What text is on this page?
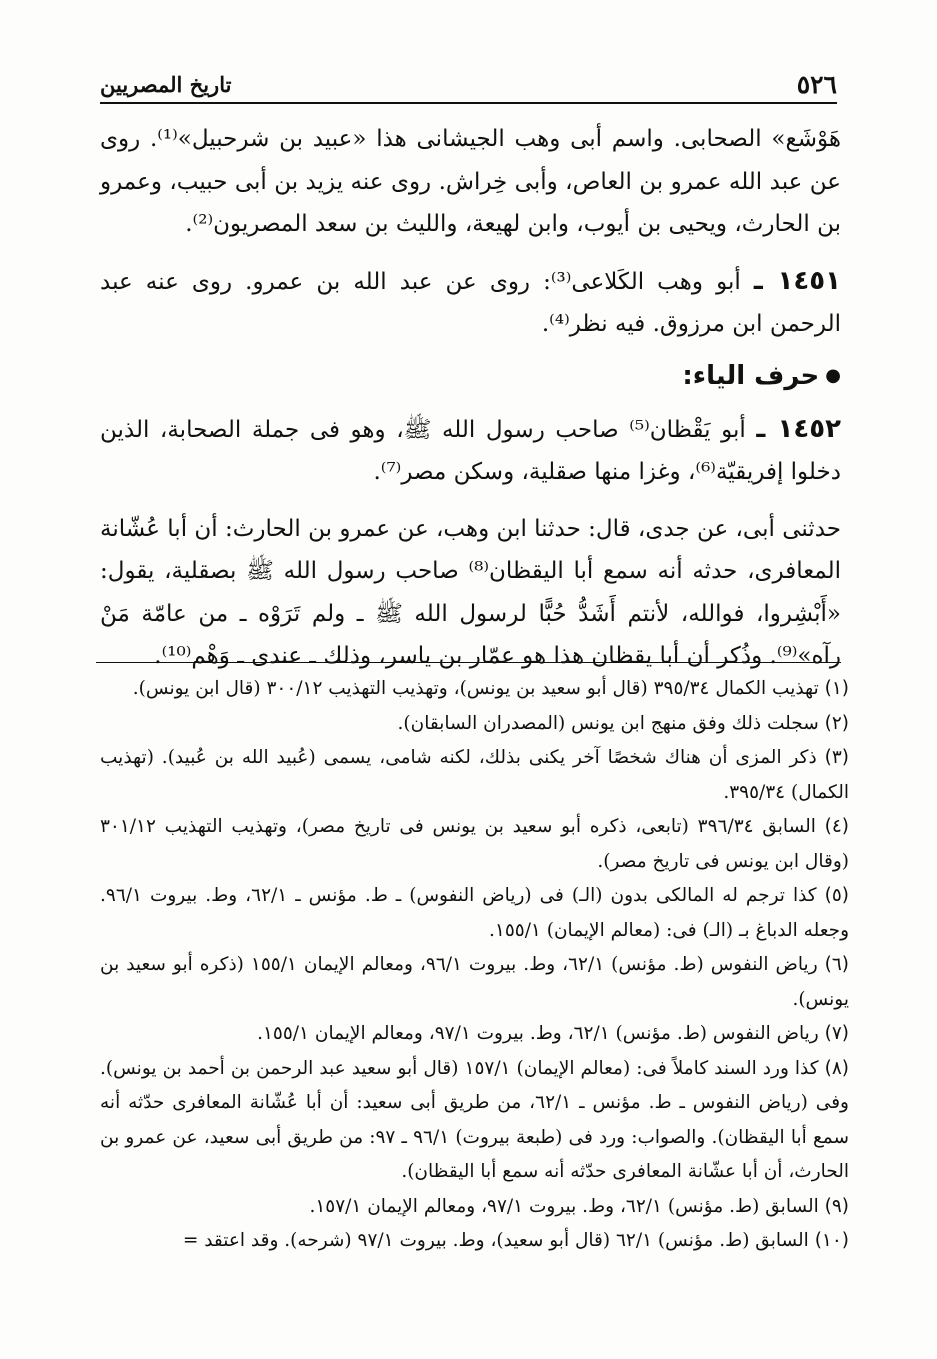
٥٢٦
تاريخ المصريين

هَوْشَع» الصحابى. واسم أبى وهب الجيشانى هذا «عبيد بن شرحبيل»⁽¹⁾. روى عن عبد الله عمرو بن العاص، وأبى خِراش. روى عنه يزيد بن أبى حبيب، وعمرو بن الحارث، ويحيى بن أيوب، وابن لهيعة، والليث بن سعد المصريون⁽²⁾.

١٤٥١ ـ أبو وهب الكَلاعى⁽³⁾: روى عن عبد الله بن عمرو. روى عنه عبد الرحمن ابن مرزوق. فيه نظر⁽⁴⁾.

●
حرف الياء:

١٤٥٢ ـ أبو يَقْظان⁽⁵⁾ صاحب رسول الله ﷺ، وهو فى جملة الصحابة، الذين دخلوا إفريقيّة⁽⁶⁾، وغزا منها صقلية، وسكن مصر⁽⁷⁾.

حدثنى أبى، عن جدى، قال: حدثنا ابن وهب، عن عمرو بن الحارث: أن أبا عُشّانة المعافرى، حدثه أنه سمع أبا اليقظان⁽⁸⁾ صاحب رسول الله ﷺ بصقلية، يقول: «أَبْشِروا، فوالله، لأنتم أَشَدُّ حُبًّا لرسول الله ﷺ ـ ولم تَرَوْه ـ من عامّة مَنْ رآه»⁽⁹⁾. وذُكر أن أبا يقظان هذا هو عمّار بن ياسر، وذلك ـ عندى ـ وَهْم⁽¹⁰⁾.

(١) تهذيب الكمال ٣٩٥/٣٤ (قال أبو سعيد بن يونس)، وتهذيب التهذيب ٣٠٠/١٢ (قال ابن يونس).

(٢) سجلت ذلك وفق منهج ابن يونس (المصدران السابقان).

(٣) ذكر المزى أن هناك شخصًا آخر يكنى بذلك، لكنه شامى، يسمى (عُبيد الله بن عُبيد). (تهذيب الكمال) ٣٩٥/٣٤.

(٤) السابق ٣٩٦/٣٤ (تابعى، ذكره أبو سعيد بن يونس فى تاريخ مصر)، وتهذيب التهذيب ٣٠١/١٢ (وقال ابن يونس فى تاريخ مصر).

(٥) كذا ترجم له المالكى بدون (الـ) فى (رياض النفوس) ـ ط. مؤنس ـ ٦٢/١، وط. بيروت ٩٦/١. وجعله الدباغ بـ (الـ) فى: (معالم الإيمان) ١٥٥/١.

(٦) رياض النفوس (ط. مؤنس) ٦٢/١، وط. بيروت ٩٦/١، ومعالم الإيمان ١٥٥/١ (ذكره أبو سعيد بن يونس).

(٧) رياض النفوس (ط. مؤنس) ٦٢/١، وط. بيروت ٩٧/١، ومعالم الإيمان ١٥٥/١.

(٨) كذا ورد السند كاملاً فى: (معالم الإيمان) ١٥٧/١ (قال أبو سعيد عبد الرحمن بن أحمد بن يونس). وفى (رياض النفوس ـ ط. مؤنس ـ ٦٢/١، من طريق أبى سعيد: أن أبا عُشّانة المعافرى حدّثه أنه سمع أبا اليقظان). والصواب: ورد فى (طبعة بيروت) ٩٦/١ ـ ٩٧: من طريق أبى سعيد، عن عمرو بن الحارث، أن أبا عشّانة المعافرى حدّثه أنه سمع أبا اليقظان).

(٩) السابق (ط. مؤنس) ٦٢/١، وط. بيروت ٩٧/١، ومعالم الإيمان ١٥٧/١.

(١٠) السابق (ط. مؤنس) ٦٢/١ (قال أبو سعيد)، وط. بيروت ٩٧/١ (شرحه). وقد اعتقد =
